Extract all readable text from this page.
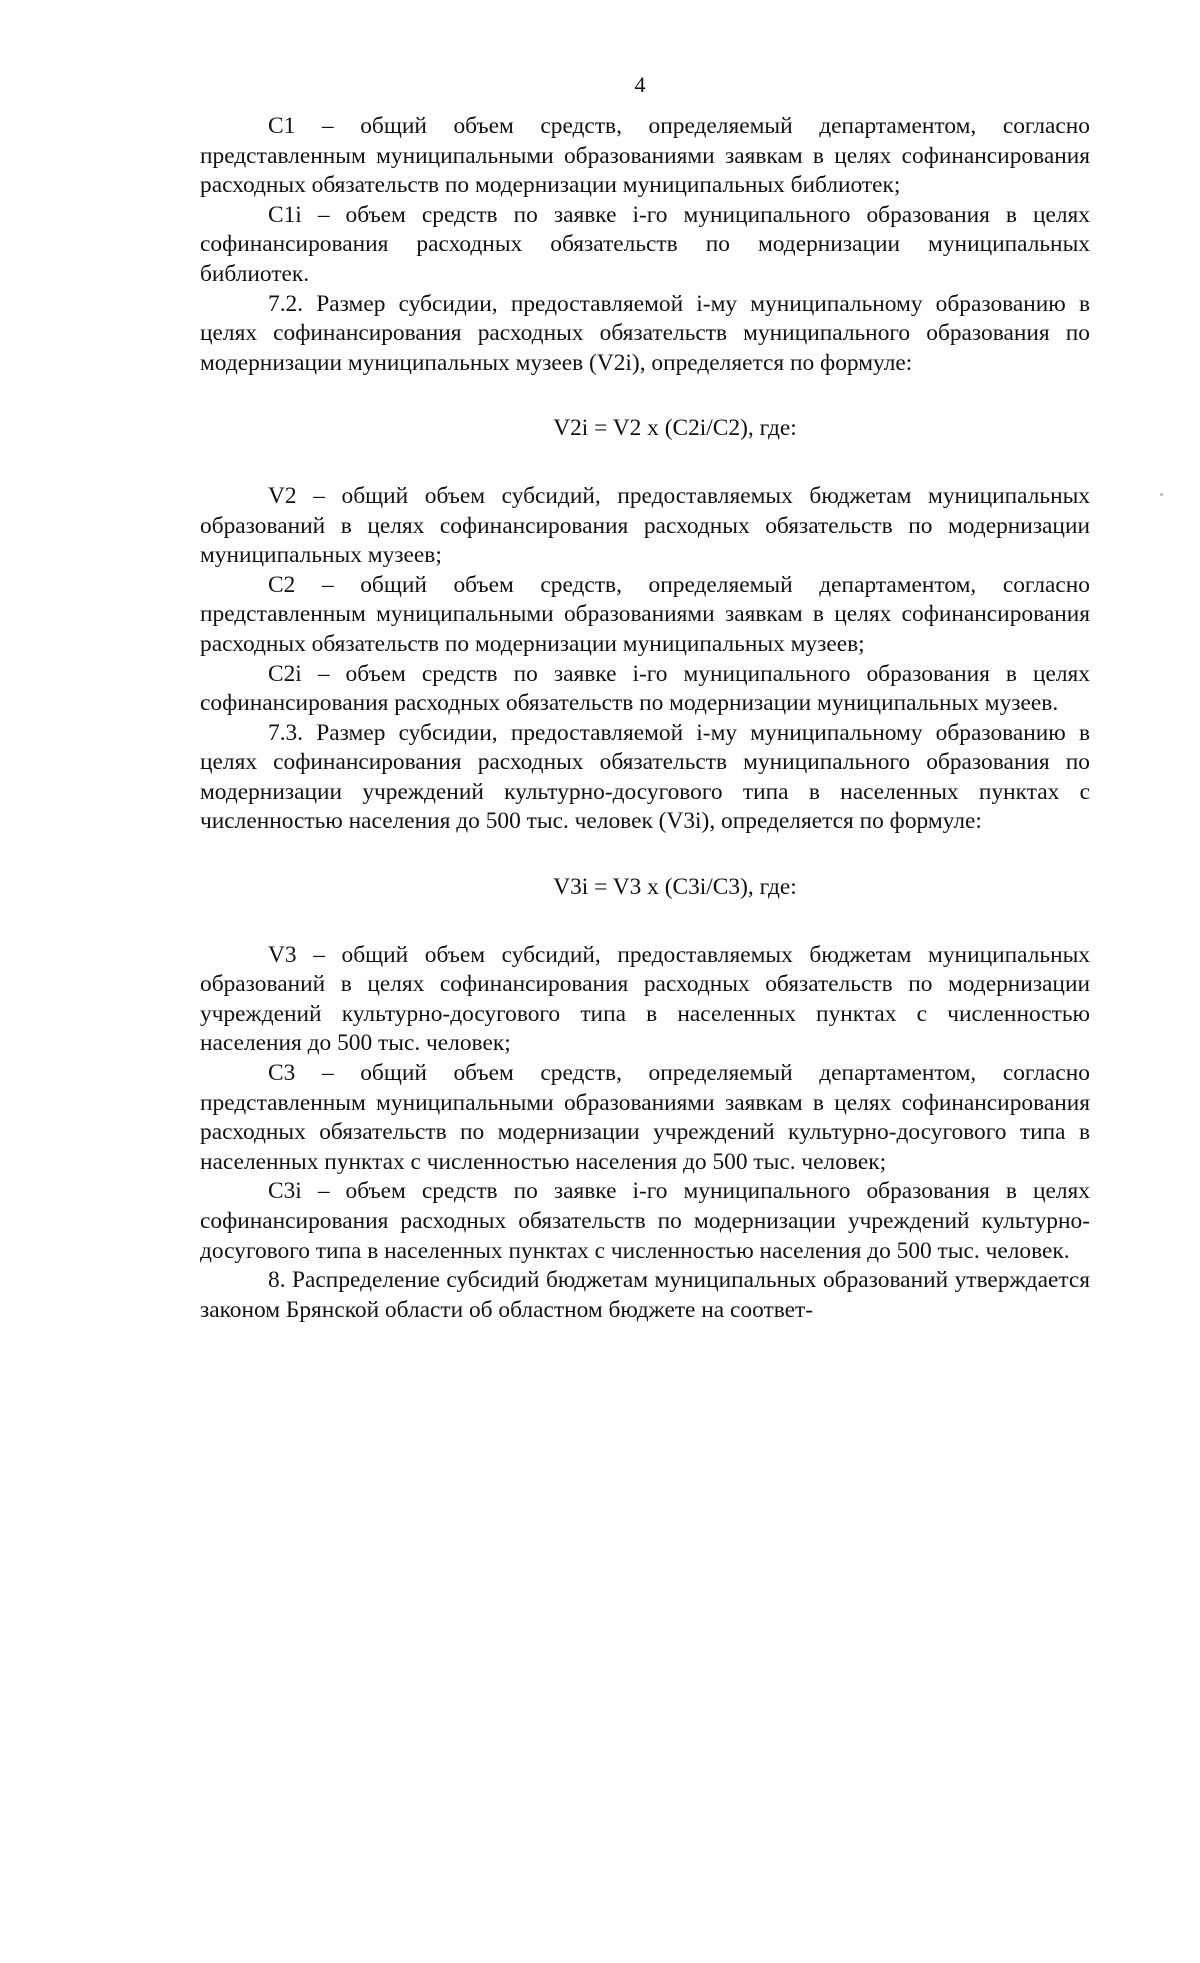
4

С1 – общий объем средств, определяемый департаментом, согласно представленным муниципальными образованиями заявкам в целях софинансирования расходных обязательств по модернизации муниципальных библиотек;

С1i – объем средств по заявке i-го муниципального образования в целях софинансирования расходных обязательств по модернизации муниципальных библиотек.

7.2. Размер субсидии, предоставляемой i-му муниципальному образованию в целях софинансирования расходных обязательств муниципального образования по модернизации муниципальных музеев (V2i), определяется по формуле:

V2i = V2 x (C2i/C2), где:

V2 – общий объем субсидий, предоставляемых бюджетам муниципальных образований в целях софинансирования расходных обязательств по модернизации муниципальных музеев;

С2 – общий объем средств, определяемый департаментом, согласно представленным муниципальными образованиями заявкам в целях софинансирования расходных обязательств по модернизации муниципальных музеев;

С2i – объем средств по заявке i-го муниципального образования в целях софинансирования расходных обязательств по модернизации муниципальных музеев.

7.3. Размер субсидии, предоставляемой i-му муниципальному образованию в целях софинансирования расходных обязательств муниципального образования по модернизации учреждений культурно-досугового типа в населенных пунктах с численностью населения до 500 тыс. человек (V3i), определяется по формуле:

V3i = V3 x (C3i/C3), где:

V3 – общий объем субсидий, предоставляемых бюджетам муниципальных образований в целях софинансирования расходных обязательств по модернизации учреждений культурно-досугового типа в населенных пунктах с численностью населения до 500 тыс. человек;

С3 – общий объем средств, определяемый департаментом, согласно представленным муниципальными образованиями заявкам в целях софинансирования расходных обязательств по модернизации учреждений культурно-досугового типа в населенных пунктах с численностью населения до 500 тыс. человек;

С3i – объем средств по заявке i-го муниципального образования в целях софинансирования расходных обязательств по модернизации учреждений культурно-досугового типа в населенных пунктах с численностью населения до 500 тыс. человек.

8. Распределение субсидий бюджетам муниципальных образований утверждается законом Брянской области об областном бюджете на соответ-
